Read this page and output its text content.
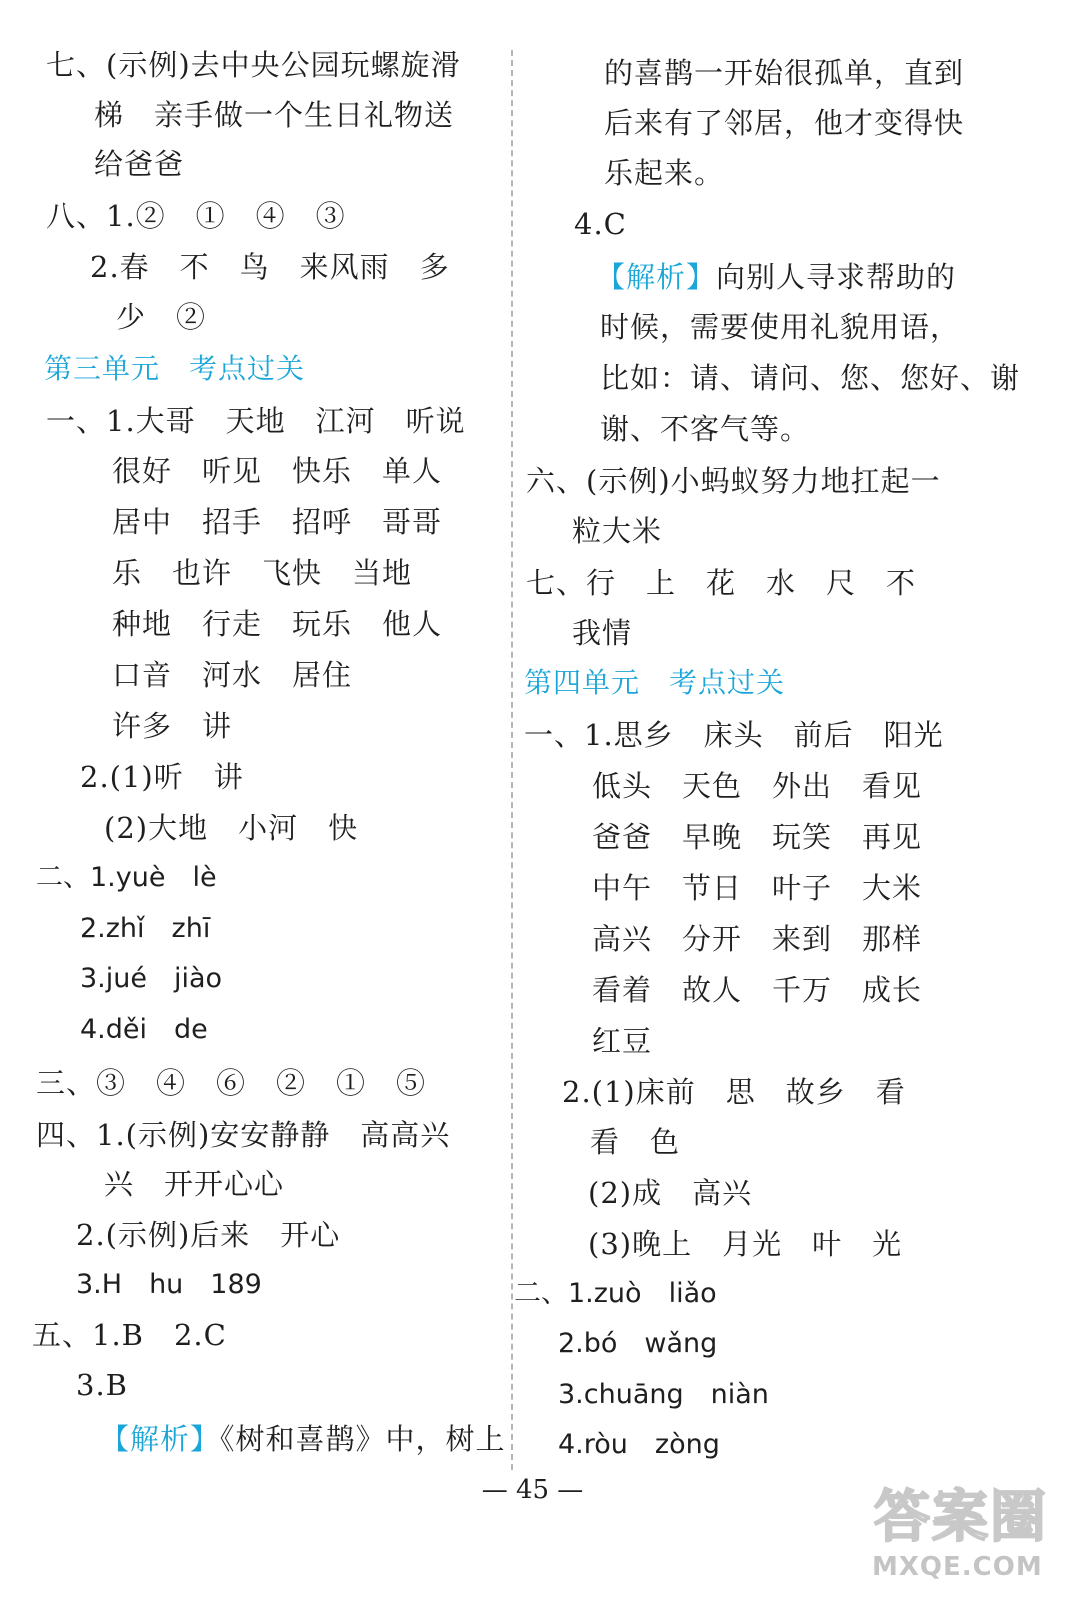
七、(示例)去中央公园玩螺旋滑
梯　亲手做一个生日礼物送
给爸爸
八、1.②　①　④　③
2.春　不　鸟　来风雨　多
少　②
第三单元　考点过关
一、1.大哥　天地　江河　听说
很好　听见　快乐　单人
居中　招手　招呼　哥哥
乐　也许　飞快　当地
种地　行走　玩乐　他人
口音　河水　居住
许多　讲
2.(1)听　讲
(2)大地　小河　快
二、1.yuè　lè
2.zhǐ　zhī
3.jué　jiào
4.děi　de
三、③　④　⑥　②　①　⑤
四、1.(示例)安安静静　高高兴
兴　开开心心
2.(示例)后来　开心
3.H　hu　189
五、1.B　2.C
3.B
【解析】《树和喜鹊》中，树上
的喜鹊一开始很孤单，直到
后来有了邻居，他才变得快
乐起来。
4.C
【解析】向别人寻求帮助的
时候，需要使用礼貌用语，
比如：请、请问、您、您好、谢
谢、不客气等。
六、(示例)小蚂蚁努力地扛起一
粒大米
七、行　上　花　水　尺　不
我情
第四单元　考点过关
一、1.思乡　床头　前后　阳光
低头　天色　外出　看见
爸爸　早晚　玩笑　再见
中午　节日　叶子　大米
高兴　分开　来到　那样
看着　故人　千万　成长
红豆
2.(1)床前　思　故乡　看
看　色
(2)成　高兴
(3)晚上　月光　叶　光
二、1.zuò　liǎo
2.bó　wǎng
3.chuāng　niàn
4.ròu　zòng
— 45 —	答案圈
MXQE.COM
